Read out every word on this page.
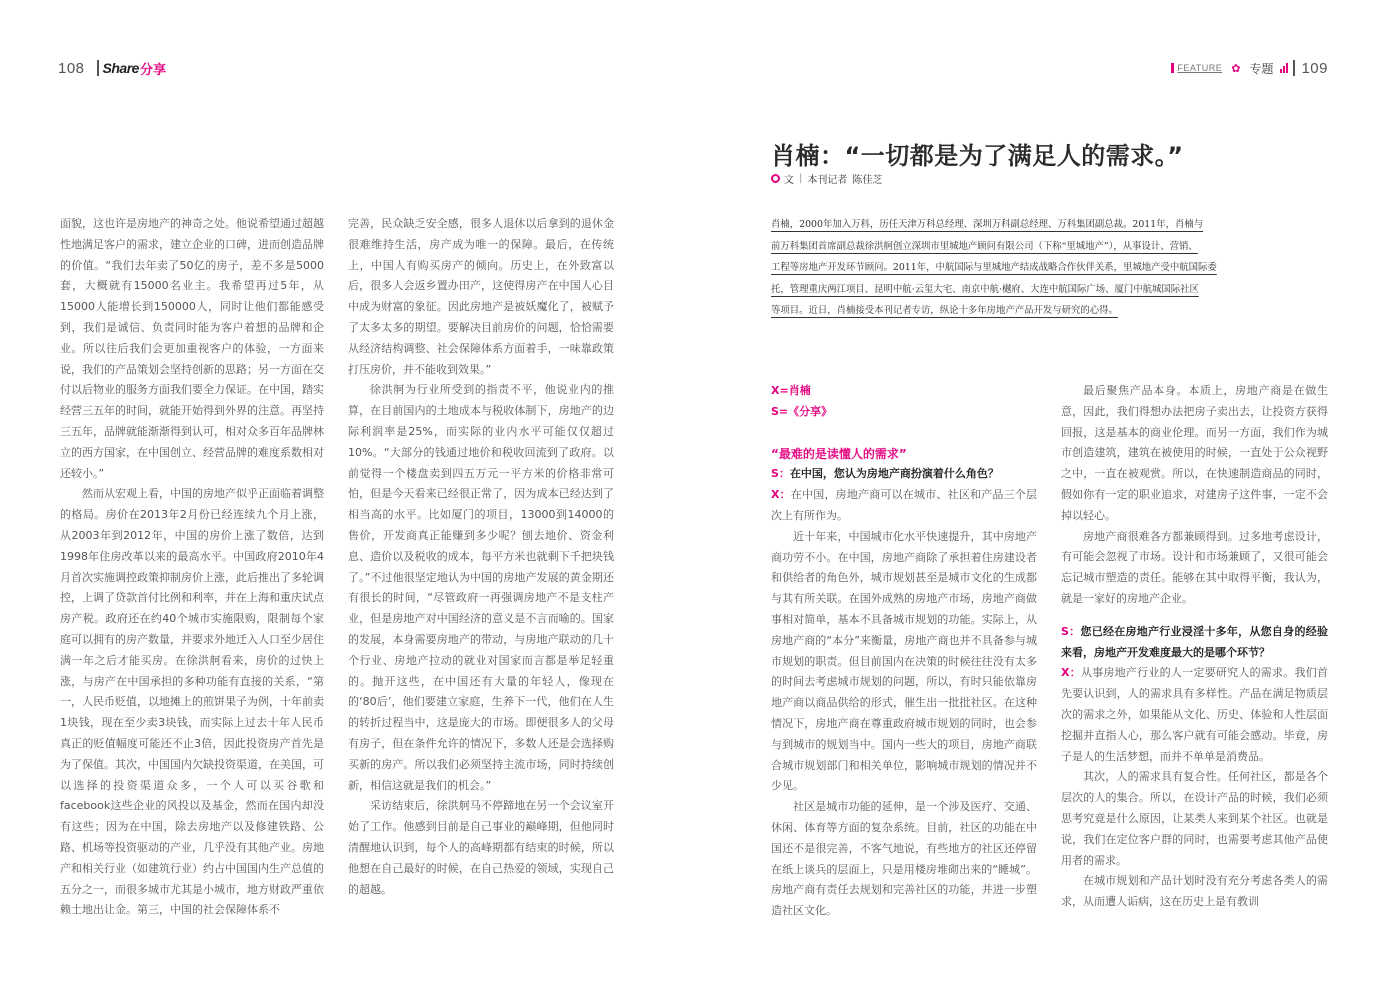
108 Share 分享	FEATURE ✿ 专题 109
肖楠：“一切都是为了满足人的需求。”
文 | 本刊记者 陈佳芝
肖楠，2000年加入万科，历任天津万科总经理、深圳万科副总经理、万科集团副总裁。2011年，肖楠与
前万科集团首席副总裁徐洪舸创立深圳市里城地产顾问有限公司（下称“里城地产”），从事设计、营销、
工程等房地产开发环节顾问。2011年，中航国际与里城地产结成战略合作伙伴关系，里城地产受中航国际委
托，管理重庆两江项目、昆明中航·云玺大宅、南京中航·樾府、大连中航国际广场、厦门中航城国际社区
等项目。近日，肖楠接受本刊记者专访，纵论十多年房地产产品开发与研究的心得。

面貌，这也许是房地产的神奇之处。他说希望通过超越性地满足客户的需求，建立企业的口碑，进而创造品牌的价值。“我们去年卖了50亿的房子，差不多是5000套，大概就有15000名业主。我希望再过5年，从15000人能增长到150000人，同时让他们都能感受到，我们是诚信、负责同时能为客户着想的品牌和企业。所以往后我们会更加重视客户的体验，一方面来说，我们的产品策划会坚持创新的思路；另一方面在交付以后物业的服务方面我们要全力保证。在中国，踏实经营三五年的时间，就能开始得到外界的注意。再坚持三五年，品牌就能渐渐得到认可，相对众多百年品牌林立的西方国家，在中国创立、经营品牌的难度系数相对还较小。”

然而从宏观上看，中国的房地产似乎正面临着调整的格局。房价在2013年2月份已经连续九个月上涨，从2003年到2012年，中国的房价上涨了数倍，达到1998年住房改革以来的最高水平。中国政府2010年4月首次实施调控政策抑制房价上涨，此后推出了多轮调控，上调了贷款首付比例和利率，并在上海和重庆试点房产税。政府还在约40个城市实施限购，限制每个家庭可以拥有的房产数量，并要求外地迁入人口至少居住满一年之后才能买房。在徐洪舸看来，房价的过快上涨，与房产在中国承担的多种功能有直接的关系，“第一，人民币贬值，以地摊上的煎饼果子为例，十年前卖1块钱，现在至少卖3块钱，而实际上过去十年人民币真正的贬值幅度可能还不止3倍，因此投资房产首先是为了保值。其次，中国国内欠缺投资渠道，在美国，可以选择的投资渠道众多，一个人可以买谷歌和facebook这些企业的风投以及基金，然而在国内却没有这些；因为在中国，除去房地产以及修建铁路、公路、机场等投资驱动的产业，几乎没有其他产业。房地产和相关行业（如建筑行业）约占中国国内生产总值的五分之一，而很多城市尤其是小城市，地方财政严重依赖土地出让金。第三，中国的社会保障体系不

完善，民众缺乏安全感，很多人退休以后拿到的退休金很难维持生活，房产成为唯一的保障。最后，在传统上，中国人有购买房产的倾向。历史上，在外致富以后，很多人会返乡置办田产，这使得房产在中国人心目中成为财富的象征。因此房地产是被妖魔化了，被赋予了太多太多的期望。要解决目前房价的问题，恰恰需要从经济结构调整、社会保障体系方面着手，一味靠政策打压房价，并不能收到效果。”

徐洪舸为行业所受到的指责不平，他说业内的推算，在目前国内的土地成本与税收体制下，房地产的边际利润率是25%，而实际的业内水平可能仅仅超过10%。“大部分的钱通过地价和税收回流到了政府。以前觉得一个楼盘卖到四五万元一平方米的价格非常可怕，但是今天看来已经很正常了，因为成本已经达到了相当高的水平。比如厦门的项目，13000到14000的售价，开发商真正能赚到多少呢？刨去地价、资金利息、造价以及税收的成本，每平方米也就剩下千把块钱了。”不过他很坚定地认为中国的房地产发展的黄金期还有很长的时间，“尽管政府一再强调房地产不是支柱产业，但是房地产对中国经济的意义是不言而喻的。国家的发展，本身需要房地产的带动，与房地产联动的几十个行业、房地产拉动的就业对国家而言都是举足轻重的。抛开这些，在中国还有大量的年轻人，像现在的‘80后’，他们要建立家庭，生养下一代，他们在人生的转折过程当中，这是庞大的市场。即便很多人的父母有房子，但在条件允许的情况下，多数人还是会选择购买新的房产。所以我们必须坚持主流市场，同时持续创新，相信这就是我们的机会。”

采访结束后，徐洪舸马不停蹄地在另一个会议室开始了工作。他感到目前是自己事业的巅峰期，但他同时清醒地认识到，每个人的高峰期都有结束的时候，所以他想在自己最好的时候，在自己热爱的领域，实现自己的超越。

X=肖楠
S=《分享》
“最难的是读懂人的需求”

S：在中国，您认为房地产商扮演着什么角色？

X：在中国，房地产商可以在城市、社区和产品三个层次上有所作为。

近十年来，中国城市化水平快速提升，其中房地产商功劳不小。在中国，房地产商除了承担着住房建设者和供给者的角色外，城市规划甚至是城市文化的生成都与其有所关联。在国外成熟的房地产市场，房地产商做事相对简单，基本不具备城市规划的功能。实际上，从房地产商的“本分”来衡量，房地产商也并不具备参与城市规划的职责。但目前国内在决策的时候往往没有太多的时间去考虑城市规划的问题，所以，有时只能依靠房地产商以商品供给的形式，催生出一批批社区。在这种情况下，房地产商在尊重政府城市规划的同时，也会参与到城市的规划当中。国内一些大的项目，房地产商联合城市规划部门和相关单位，影响城市规划的情况并不少见。

社区是城市功能的延伸，是一个涉及医疗、交通、休闲、体育等方面的复杂系统。目前，社区的功能在中国还不是很完善，不客气地说，有些地方的社区还停留在纸上谈兵的层面上，只是用楼房堆砌出来的“睡城”。房地产商有责任去规划和完善社区的功能，并进一步塑造社区文化。

最后聚焦产品本身。本质上，房地产商是在做生意，因此，我们得想办法把房子卖出去，让投资方获得回报，这是基本的商业伦理。而另一方面，我们作为城市创造建筑，建筑在被使用的时候，一直处于公众视野之中，一直在被观赏。所以，在快速制造商品的同时，假如你有一定的职业追求，对建房子这件事，一定不会掉以轻心。

房地产商很难各方都兼顾得到。过多地考虑设计，有可能会忽视了市场。设计和市场兼顾了，又很可能会忘记城市塑造的责任。能够在其中取得平衡，我认为，就是一家好的房地产企业。

S：您已经在房地产行业浸淫十多年，从您自身的经验来看，房地产开发难度最大的是哪个环节？

X：从事房地产行业的人一定要研究人的需求。我们首先要认识到，人的需求具有多样性。产品在满足物质层次的需求之外，如果能从文化、历史、体验和人性层面挖掘并直指人心，那么客户就有可能会感动。毕竟，房子是人的生活梦想，而并不单单是消费品。

其次，人的需求具有复合性。任何社区，都是各个层次的人的集合。所以，在设计产品的时候，我们必须思考究竟是什么原因，让某类人来到某个社区。也就是说，我们在定位客户群的同时，也需要考虑其他产品使用者的需求。

在城市规划和产品计划时没有充分考虑各类人的需求，从而遭人诟病，这在历史上是有教训
